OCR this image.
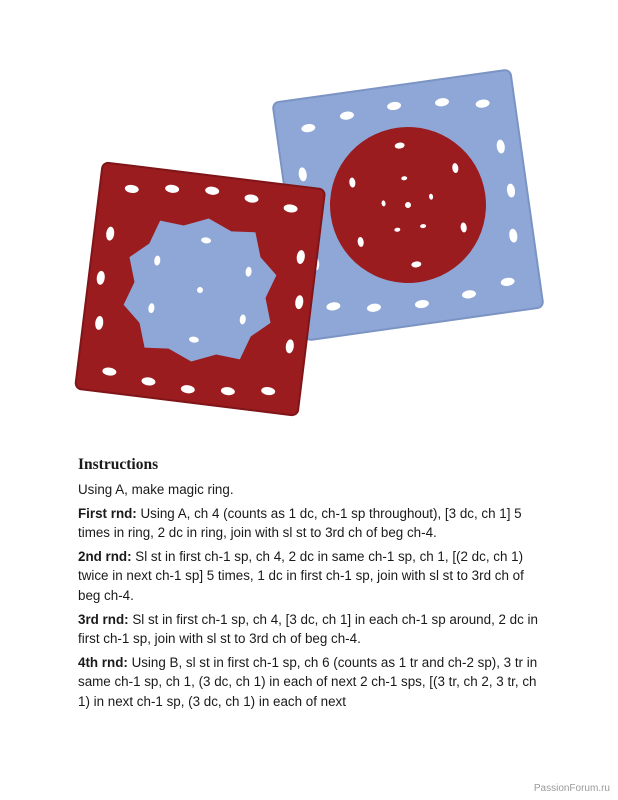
Instructions

Using A, make magic ring.

First rnd: Using A, ch 4 (counts as 1 dc, ch-1 sp throughout), [3 dc, ch 1] 5 times in ring, 2 dc in ring, join with sl st to 3rd ch of beg ch-4.

2nd rnd: Sl st in first ch-1 sp, ch 4, 2 dc in same ch-1 sp, ch 1, [(2 dc, ch 1) twice in next ch-1 sp] 5 times, 1 dc in first ch-1 sp, join with sl st to 3rd ch of beg ch-4.

3rd rnd: Sl st in first ch-1 sp, ch 4, [3 dc, ch 1] in each ch-1 sp around, 2 dc in first ch-1 sp, join with sl st to 3rd ch of beg ch-4.

4th rnd: Using B, sl st in first ch-1 sp, ch 6 (counts as 1 tr and ch-2 sp), 3 tr in same ch-1 sp, ch 1, (3 dc, ch 1) in each of next 2 ch-1 sps, [(3 tr, ch 2, 3 tr, ch 1) in next ch-1 sp, (3 dc, ch 1) in each of next

PassionForum.ru
